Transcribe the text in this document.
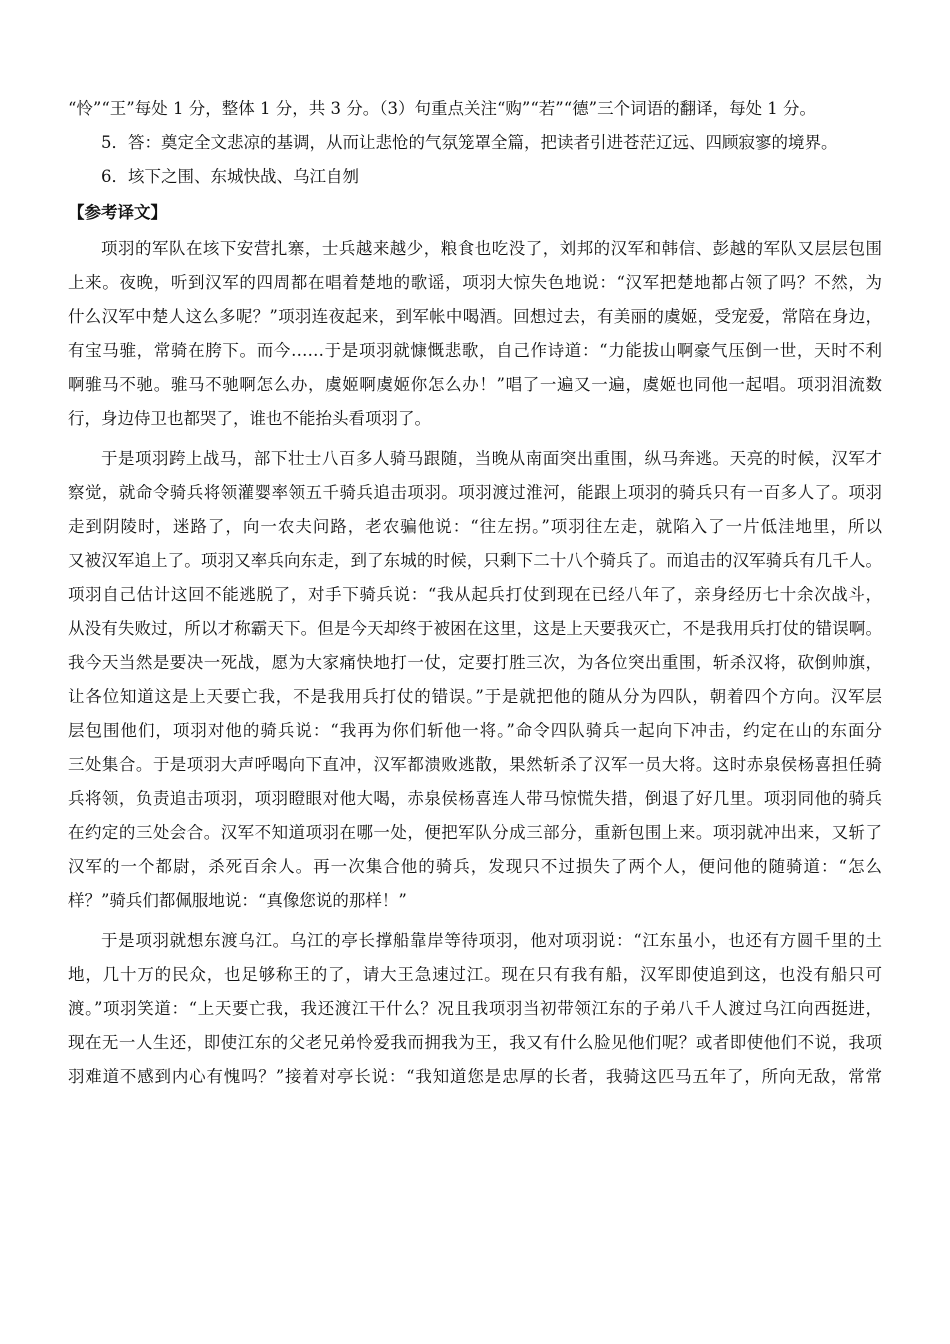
“怜”“王”每处 1 分，整体 1 分，共 3 分。（3）句重点关注“购”“若”“德”三个词语的翻译，每处 1 分。
5．答：奠定全文悲凉的基调，从而让悲怆的气氛笼罩全篇，把读者引进苍茫辽远、四顾寂寥的境界。
6．垓下之围、东城快战、乌江自刎
【参考译文】
项羽的军队在垓下安营扎寨，士兵越来越少，粮食也吃没了，刘邦的汉军和韩信、彭越的军队又层层包围
上来。夜晚，听到汉军的四周都在唱着楚地的歌谣，项羽大惊失色地说：“汉军把楚地都占领了吗？不然，为
什么汉军中楚人这么多呢？”项羽连夜起来，到军帐中喝酒。回想过去，有美丽的虞姬，受宠爱，常陪在身边，
有宝马骓，常骑在胯下。而今……于是项羽就慷慨悲歌，自己作诗道：“力能拔山啊豪气压倒一世，天时不利
啊骓马不驰。骓马不驰啊怎么办，虞姬啊虞姬你怎么办！”唱了一遍又一遍，虞姬也同他一起唱。项羽泪流数
行，身边侍卫也都哭了，谁也不能抬头看项羽了。
于是项羽跨上战马，部下壮士八百多人骑马跟随，当晚从南面突出重围，纵马奔逃。天亮的时候，汉军才
察觉，就命令骑兵将领灌婴率领五千骑兵追击项羽。项羽渡过淮河，能跟上项羽的骑兵只有一百多人了。项羽
走到阴陵时，迷路了，向一农夫问路，老农骗他说：“往左拐。”项羽往左走，就陷入了一片低洼地里，所以
又被汉军追上了。项羽又率兵向东走，到了东城的时候，只剩下二十八个骑兵了。而追击的汉军骑兵有几千人。
项羽自己估计这回不能逃脱了，对手下骑兵说：“我从起兵打仗到现在已经八年了，亲身经历七十余次战斗，
从没有失败过，所以才称霸天下。但是今天却终于被困在这里，这是上天要我灭亡，不是我用兵打仗的错误啊。
我今天当然是要决一死战，愿为大家痛快地打一仗，定要打胜三次，为各位突出重围，斩杀汉将，砍倒帅旗，
让各位知道这是上天要亡我，不是我用兵打仗的错误。”于是就把他的随从分为四队，朝着四个方向。汉军层
层包围他们，项羽对他的骑兵说：“我再为你们斩他一将。”命令四队骑兵一起向下冲击，约定在山的东面分
三处集合。于是项羽大声呼喝向下直冲，汉军都溃败逃散，果然斩杀了汉军一员大将。这时赤泉侯杨喜担任骑
兵将领，负责追击项羽，项羽瞪眼对他大喝，赤泉侯杨喜连人带马惊慌失措，倒退了好几里。项羽同他的骑兵
在约定的三处会合。汉军不知道项羽在哪一处，便把军队分成三部分，重新包围上来。项羽就冲出来，又斩了
汉军的一个都尉，杀死百余人。再一次集合他的骑兵，发现只不过损失了两个人，便问他的随骑道：“怎么
样？”骑兵们都佩服地说：“真像您说的那样！”
于是项羽就想东渡乌江。乌江的亭长撑船靠岸等待项羽，他对项羽说：“江东虽小，也还有方圆千里的土
地，几十万的民众，也足够称王的了，请大王急速过江。现在只有我有船，汉军即使追到这，也没有船只可
渡。”项羽笑道：“上天要亡我，我还渡江干什么？况且我项羽当初带领江东的子弟八千人渡过乌江向西挺进，
现在无一人生还，即使江东的父老兄弟怜爱我而拥我为王，我又有什么脸见他们呢？或者即使他们不说，我项
羽难道不感到内心有愧吗？”接着对亭长说：“我知道您是忠厚的长者，我骑这匹马五年了，所向无敌，常常
